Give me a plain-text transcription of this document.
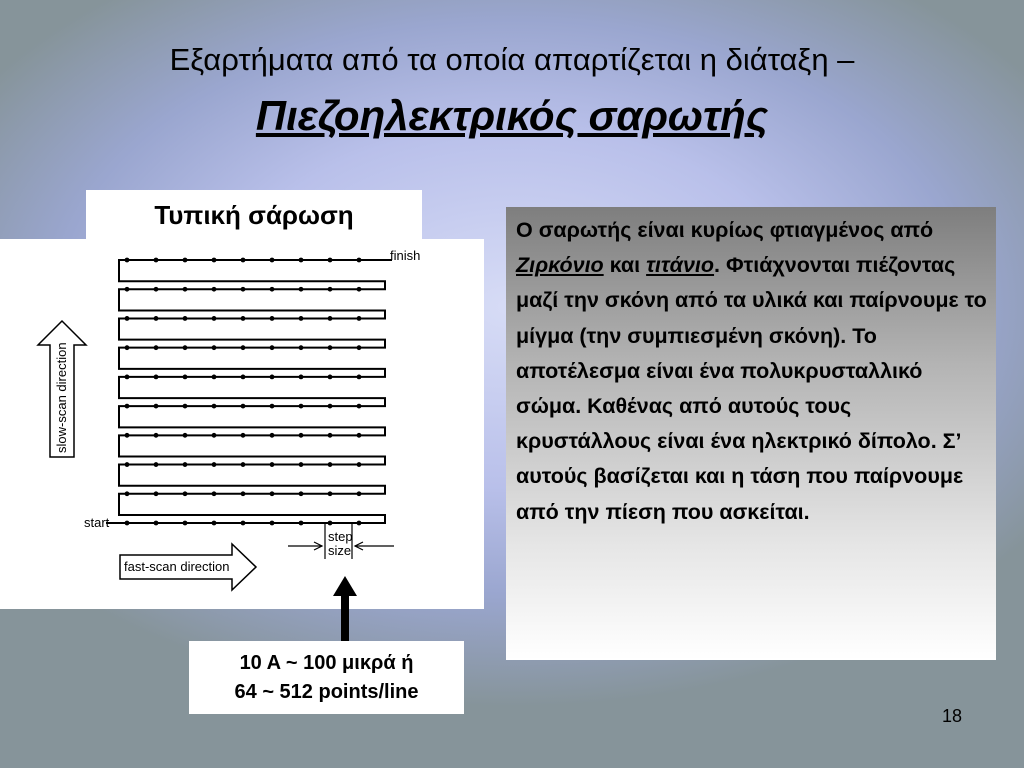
Εξαρτήματα από τα οποία απαρτίζεται η διάταξη –
Πιεζοηλεκτρικός σαρωτής
Τυπική σάρωση
finish
start
slow-scan direction
fast-scan direction
step
size

Ο σαρωτής είναι κυρίως φτιαγμένος από Ζιρκόνιο και τιτάνιο. Φτιάχνονται πιέζοντας μαζί την σκόνη από τα υλικά και παίρνουμε το μίγμα (την συμπιεσμένη σκόνη). Το αποτέλεσμα είναι ένα πολυκρυσταλλικό σώμα. Καθένας από αυτούς τους κρυστάλλους είναι ένα ηλεκτρικό δίπολο. Σ’ αυτούς βασίζεται και η τάση που παίρνουμε από την πίεση που ασκείται.

10 A ~ 100 μικρά ή
64 ~ 512 points/line
18
